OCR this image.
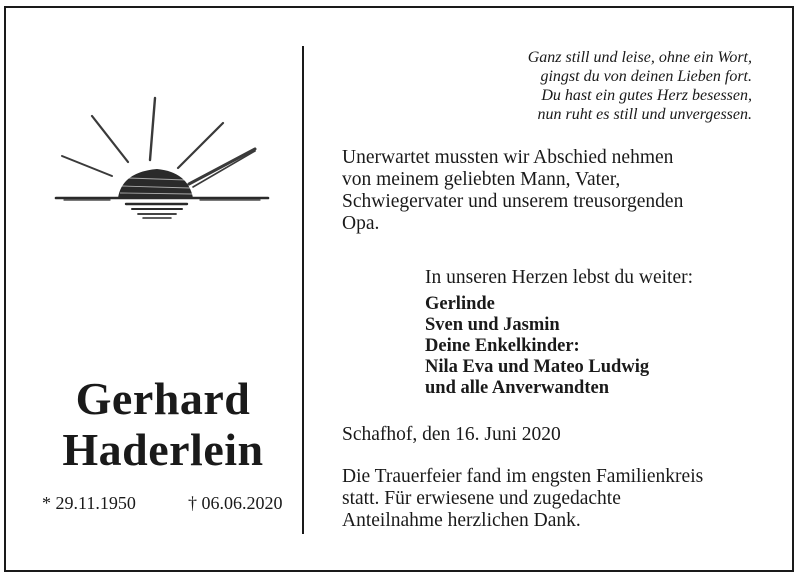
Gerhard
Haderlein
* 29.11.1950	† 06.06.2020
Ganz still und leise, ohne ein Wort,
gingst du von deinen Lieben fort.
Du hast ein gutes Herz besessen,
nun ruht es still und unvergessen.
Unerwartet mussten wir Abschied nehmen
von meinem geliebten Mann, Vater,
Schwiegervater und unserem treusorgenden
Opa.
In unseren Herzen lebst du weiter:
Gerlinde
Sven und Jasmin
Deine Enkelkinder:
Nila Eva und Mateo Ludwig
und alle Anverwandten
Schafhof, den 16. Juni 2020
Die Trauerfeier fand im engsten Familienkreis
statt. Für erwiesene und zugedachte
Anteilnahme herzlichen Dank.
